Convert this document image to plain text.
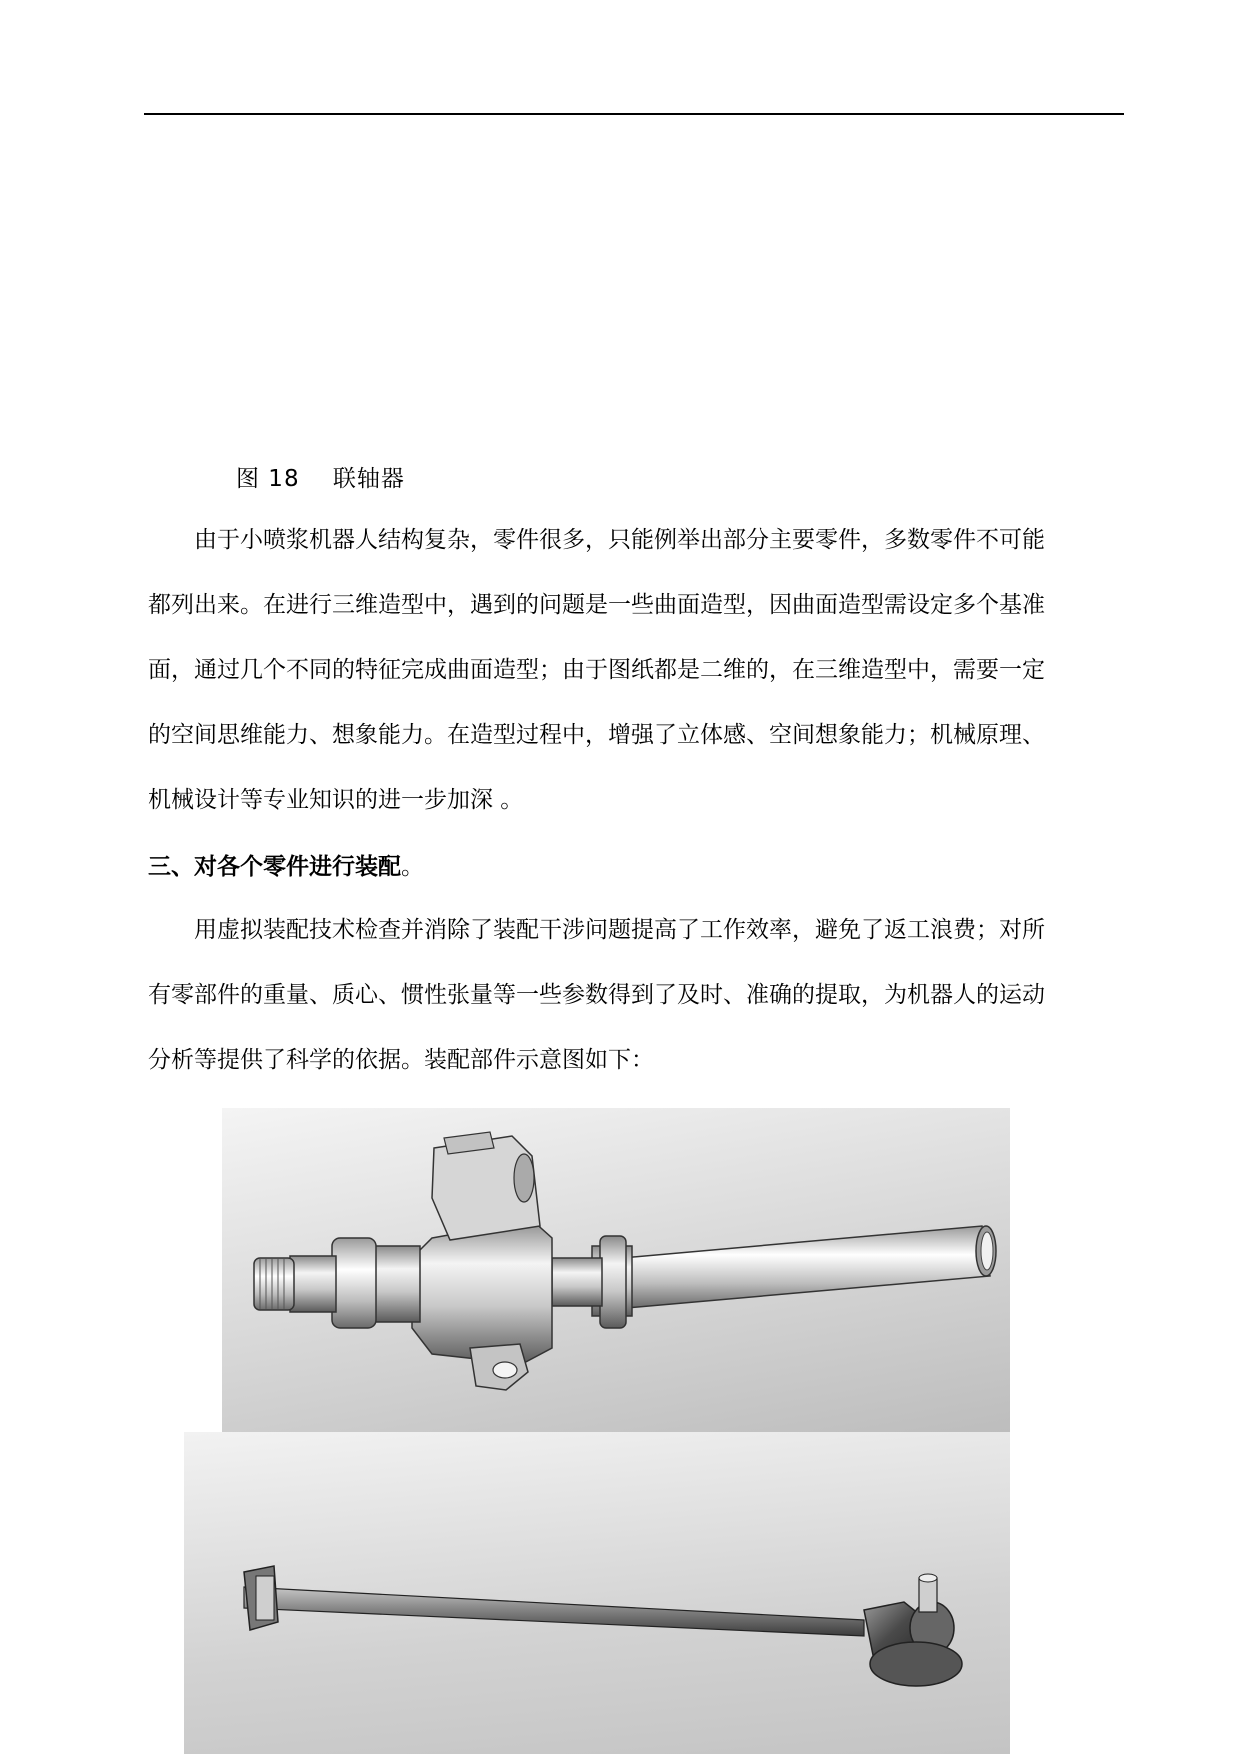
图 18 联轴器
　　由于小喷浆机器人结构复杂，零件很多，只能例举出部分主要零件，多数零件不可能
都列出来。在进行三维造型中，遇到的问题是一些曲面造型，因曲面造型需设定多个基准
面，通过几个不同的特征完成曲面造型；由于图纸都是二维的，在三维造型中，需要一定
的空间思维能力、想象能力。在造型过程中，增强了立体感、空间想象能力；机械原理、
机械设计等专业知识的进一步加深 。
三、对各个零件进行装配。
　　用虚拟装配技术检查并消除了装配干涉问题提高了工作效率，避免了返工浪费；对所
有零部件的重量、质心、惯性张量等一些参数得到了及时、准确的提取，为机器人的运动
分析等提供了科学的依据。装配部件示意图如下：
